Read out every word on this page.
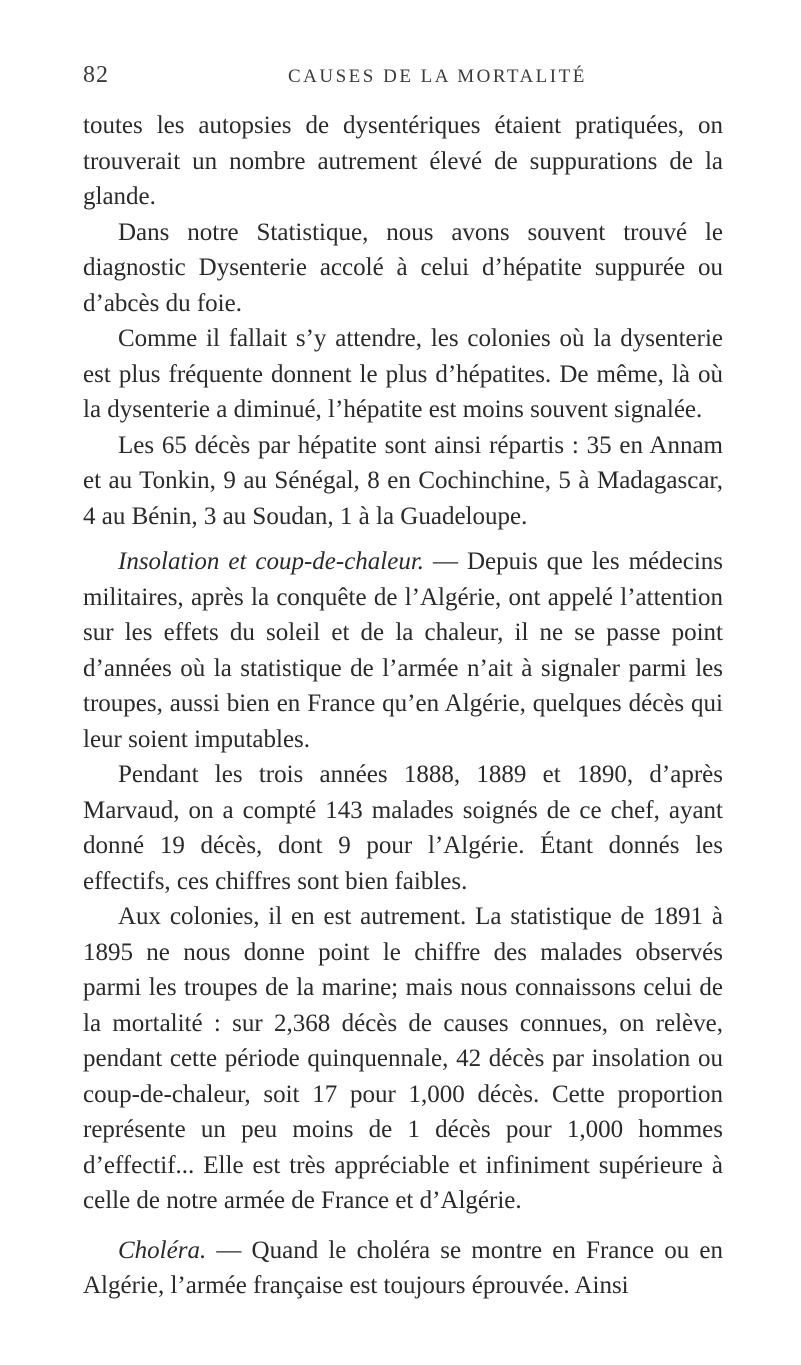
82	CAUSES DE LA MORTALITÉ

toutes les autopsies de dysentériques étaient pratiquées, on trouverait un nombre autrement élevé de suppurations de la glande.

Dans notre Statistique, nous avons souvent trouvé le diagnostic Dysenterie accolé à celui d’hépatite suppurée ou d’abcès du foie.

Comme il fallait s’y attendre, les colonies où la dysenterie est plus fréquente donnent le plus d’hépatites. De même, là où la dysenterie a diminué, l’hépatite est moins souvent signalée.

Les 65 décès par hépatite sont ainsi répartis : 35 en Annam et au Tonkin, 9 au Sénégal, 8 en Cochinchine, 5 à Madagascar, 4 au Bénin, 3 au Soudan, 1 à la Guadeloupe.

Insolation et coup-de-chaleur. — Depuis que les médecins militaires, après la conquête de l’Algérie, ont appelé l’attention sur les effets du soleil et de la chaleur, il ne se passe point d’années où la statistique de l’armée n’ait à signaler parmi les troupes, aussi bien en France qu’en Algérie, quelques décès qui leur soient imputables.

Pendant les trois années 1888, 1889 et 1890, d’après Marvaud, on a compté 143 malades soignés de ce chef, ayant donné 19 décès, dont 9 pour l’Algérie. Étant donnés les effectifs, ces chiffres sont bien faibles.

Aux colonies, il en est autrement. La statistique de 1891 à 1895 ne nous donne point le chiffre des malades observés parmi les troupes de la marine; mais nous connaissons celui de la mortalité : sur 2,368 décès de causes connues, on relève, pendant cette période quinquennale, 42 décès par insolation ou coup-de-chaleur, soit 17 pour 1,000 décès. Cette proportion représente un peu moins de 1 décès pour 1,000 hommes d’effectif... Elle est très appréciable et infiniment supérieure à celle de notre armée de France et d’Algérie.

Choléra. — Quand le choléra se montre en France ou en Algérie, l’armée française est toujours éprouvée. Ainsi
